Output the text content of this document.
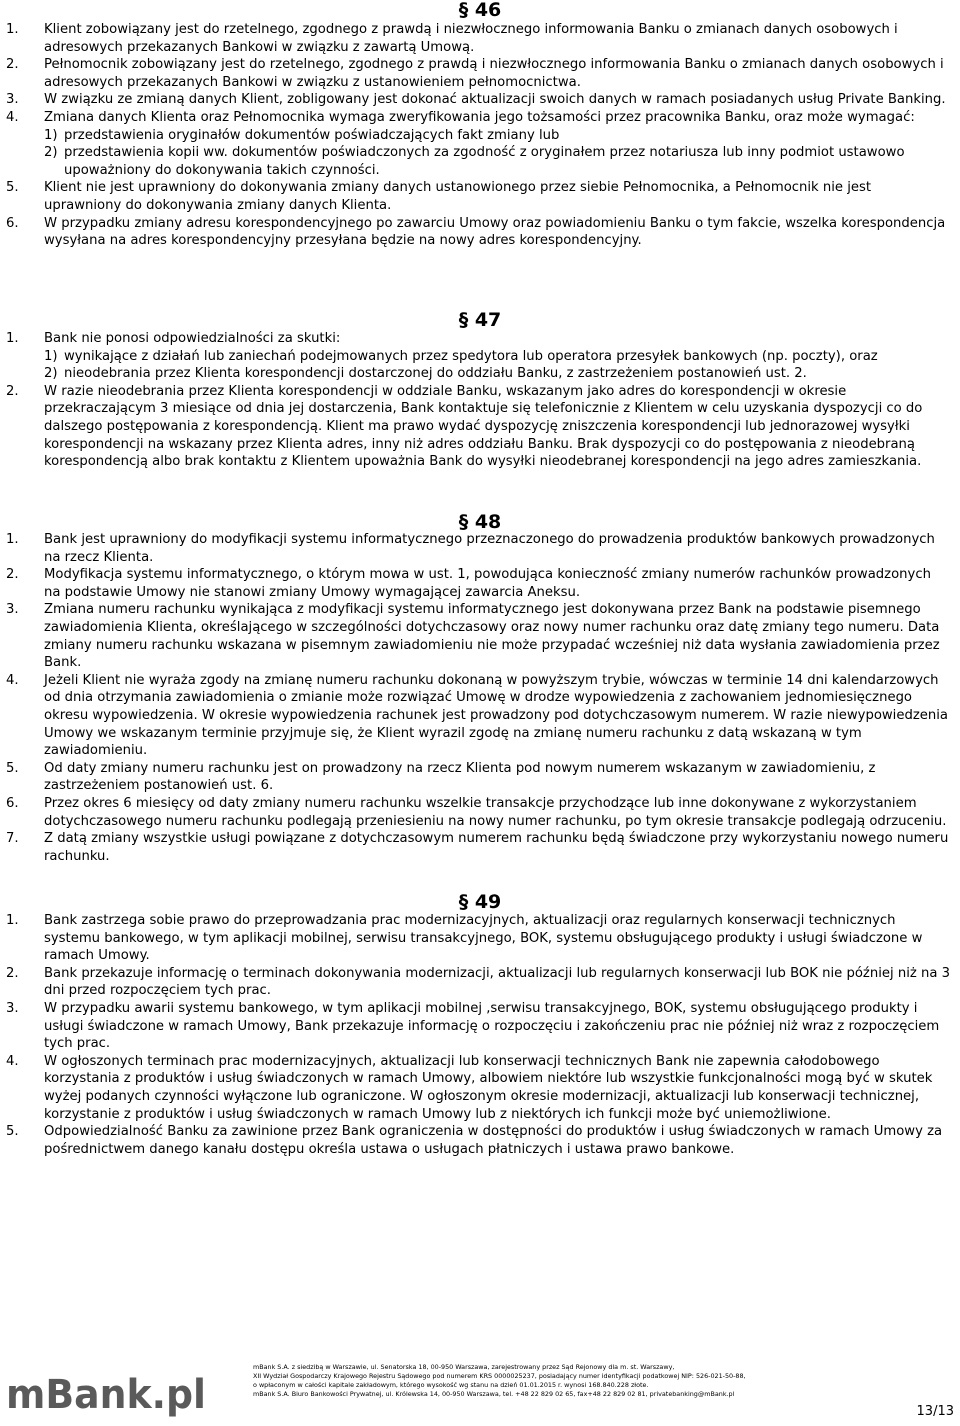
§ 46
1.	Klient zobowiązany jest do rzetelnego, zgodnego z prawdą i niezwłocznego informowania Banku o zmianach danych osobowych i adresowych przekazanych Bankowi w związku z zawartą Umową.
2.	Pełnomocnik zobowiązany jest do rzetelnego, zgodnego z prawdą i niezwłocznego informowania Banku o zmianach danych osobowych i adresowych przekazanych Bankowi w związku z ustanowieniem pełnomocnictwa.
3.	W związku ze zmianą danych Klient, zobligowany jest dokonać aktualizacji swoich danych w ramach posiadanych usług Private Banking.
4.	Zmiana danych Klienta oraz Pełnomocnika wymaga zweryfikowania jego tożsamości przez pracownika Banku, oraz może wymagać:
1) przedstawienia oryginałów dokumentów poświadczających fakt zmiany lub
2) przedstawienia kopii ww. dokumentów poświadczonych za zgodność z oryginałem przez notariusza lub inny podmiot ustawowo upoważniony do dokonywania takich czynności.
5.	Klient nie jest uprawniony do dokonywania zmiany danych ustanowionego przez siebie Pełnomocnika, a Pełnomocnik nie jest uprawniony do dokonywania zmiany danych Klienta.
6.	W przypadku zmiany adresu korespondencyjnego po zawarciu Umowy oraz powiadomieniu Banku o tym fakcie, wszelka korespondencja wysyłana na adres korespondencyjny przesyłana będzie na nowy adres korespondencyjny.
§ 47
1.	Bank nie ponosi odpowiedzialności za skutki:
1) wynikające z działań lub zaniechań podejmowanych przez spedytora lub operatora przesyłek bankowych (np. poczty), oraz
2) nieodebrania przez Klienta korespondencji dostarczonej do oddziału Banku, z zastrzeżeniem postanowień ust. 2.
2.	W razie nieodebrania przez Klienta korespondencji w oddziale Banku, wskazanym jako adres do korespondencji w okresie przekraczającym 3 miesiące od dnia jej dostarczenia, Bank kontaktuje się telefonicznie z Klientem w celu uzyskania dyspozycji co do dalszego postępowania z korespondencją. Klient ma prawo wydać dyspozycję zniszczenia korespondencji lub jednorazowej wysyłki korespondencji na wskazany przez Klienta adres, inny niż adres oddziału Banku. Brak dyspozycji co do postępowania z nieodebraną korespondencją albo brak kontaktu z Klientem upoważnia Bank do wysyłki nieodebranej korespondencji na jego adres zamieszkania.
§ 48
1.	Bank jest uprawniony do modyfikacji systemu informatycznego przeznaczonego do prowadzenia produktów bankowych prowadzonych na rzecz Klienta.
2.	Modyfikacja systemu informatycznego, o którym mowa w ust. 1, powodująca konieczność zmiany numerów rachunków prowadzonych na podstawie Umowy nie stanowi zmiany Umowy wymagającej zawarcia Aneksu.
3.	Zmiana numeru rachunku wynikająca z modyfikacji systemu informatycznego jest dokonywana przez Bank na podstawie pisemnego zawiadomienia Klienta, określającego w szczególności dotychczasowy oraz nowy numer rachunku oraz datę zmiany tego numeru. Data zmiany numeru rachunku wskazana w pisemnym zawiadomieniu nie może przypadać wcześniej niż data wysłania zawiadomienia przez Bank.
4.	Jeżeli Klient nie wyraża zgody na zmianę numeru rachunku dokonaną w powyższym trybie, wówczas w terminie 14 dni kalendarzowych od dnia otrzymania zawiadomienia o zmianie może rozwiązać Umowę w drodze wypowiedzenia z zachowaniem jednomiesięcznego okresu wypowiedzenia. W okresie wypowiedzenia rachunek jest prowadzony pod dotychczasowym numerem. W razie niewypowiedzenia Umowy we wskazanym terminie przyjmuje się, że Klient wyrazil zgodę na zmianę numeru rachunku z datą wskazaną w tym zawiadomieniu.
5.	Od daty zmiany numeru rachunku jest on prowadzony na rzecz Klienta pod nowym numerem wskazanym w zawiadomieniu, z zastrzeżeniem postanowień ust. 6.
6.	Przez okres 6 miesięcy od daty zmiany numeru rachunku wszelkie transakcje przychodzące lub inne dokonywane z wykorzystaniem dotychczasowego numeru rachunku podlegają przeniesieniu na nowy numer rachunku, po tym okresie transakcje podlegają odrzuceniu.
7.	Z datą zmiany wszystkie usługi powiązane z dotychczasowym numerem rachunku będą świadczone przy wykorzystaniu nowego numeru rachunku.
§ 49
1.	Bank zastrzega sobie prawo do przeprowadzania prac modernizacyjnych, aktualizacji oraz regularnych konserwacji technicznych systemu bankowego, w tym aplikacji mobilnej, serwisu transakcyjnego, BOK, systemu obsługującego produkty i usługi świadczone w ramach Umowy.
2.	Bank przekazuje informację o terminach dokonywania modernizacji, aktualizacji lub regularnych konserwacji lub BOK nie później niż na 3 dni przed rozpoczęciem tych prac.
3.	W przypadku awarii systemu bankowego, w tym aplikacji mobilnej ,serwisu transakcyjnego, BOK, systemu obsługującego produkty i usługi świadczone w ramach Umowy, Bank przekazuje informację o rozpoczęciu i zakończeniu prac nie później niż wraz z rozpoczęciem tych prac.
4.	W ogłoszonych terminach prac modernizacyjnych, aktualizacji lub konserwacji technicznych Bank nie zapewnia całodobowego korzystania z produktów i usług świadczonych w ramach Umowy, albowiem niektóre lub wszystkie funkcjonalności mogą być w skutek wyżej podanych czynności wyłączone lub ograniczone. W ogłoszonym okresie modernizacji, aktualizacji lub konserwacji technicznej, korzystanie z produktów i usług świadczonych w ramach Umowy lub z niektórych ich funkcji może być uniemożliwione.
5.	Odpowiedzialność Banku za zawinione przez Bank ograniczenia w dostępności do produktów i usług świadczonych w ramach Umowy za pośrednictwem danego kanału dostępu określa ustawa o usługach płatniczych i ustawa prawo bankowe.
mBank.pl
mBank S.A. z siedzibą w Warszawie, ul. Senatorska 18, 00-950 Warszawa, zarejestrowany przez Sąd Rejonowy dla m. st. Warszawy,
XII Wydział Gospodarczy Krajowego Rejestru Sądowego pod numerem KRS 0000025237, posiadający numer identyfikacji podatkowej NIP: 526-021-50-88,
o wpłaconym w całości kapitale zakładowym, którego wysokość wg stanu na dzień 01.01.2015 r. wynosi 168.840.228 złote.
mBank S.A. Biuro Bankowości Prywatnej, ul. Królewska 14, 00-950 Warszawa, tel. +48 22 829 02 65, fax+48 22 829 02 81, privatebanking@mBank.pl
13/13
